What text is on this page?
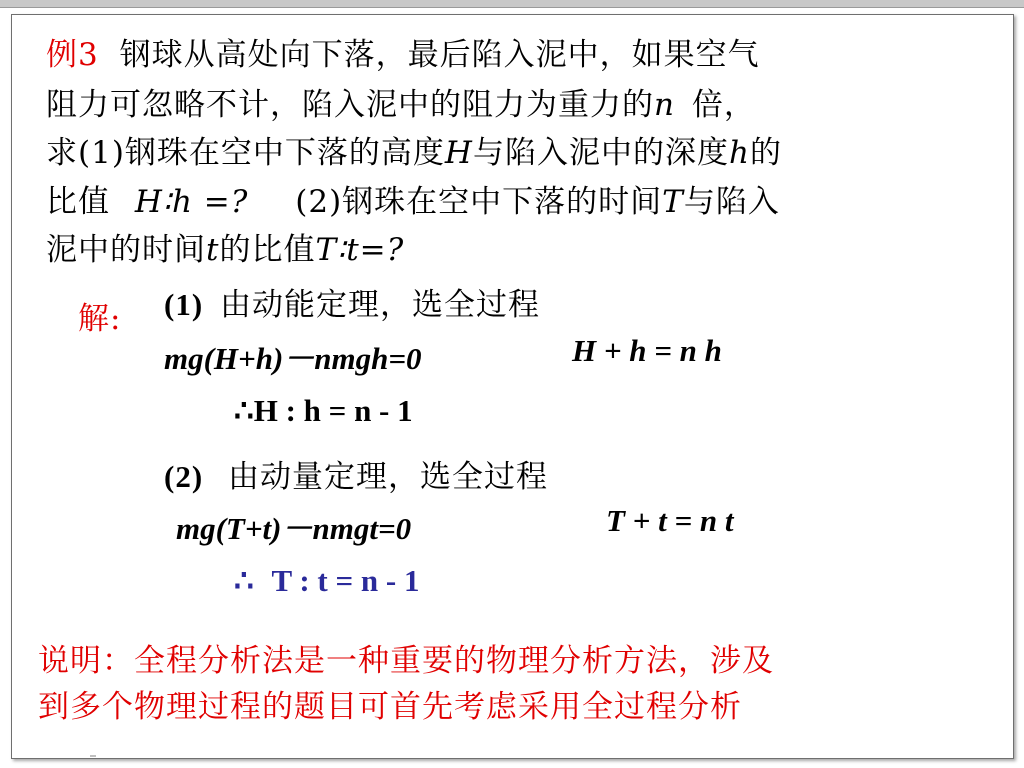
例3 钢球从高处向下落，最后陷入泥中，如果空气
阻力可忽略不计，陷入泥中的阻力为重力的n 倍，
求(1)钢珠在空中下落的高度H与陷入泥中的深度h的
比值 H∶h =? (2)钢珠在空中下落的时间T与陷入
泥中的时间t的比值T∶t=?
解: (1) 由动能定理，选全过程
mg(H+h)－nmgh=0	H + h = n h
∴H : h = n - 1
(2) 由动量定理，选全过程
mg(T+t)－nmgt=0	T + t = n t
∴ T : t = n - 1
说明：全程分析法是一种重要的物理分析方法，涉及
到多个物理过程的题目可首先考虑采用全过程分析
